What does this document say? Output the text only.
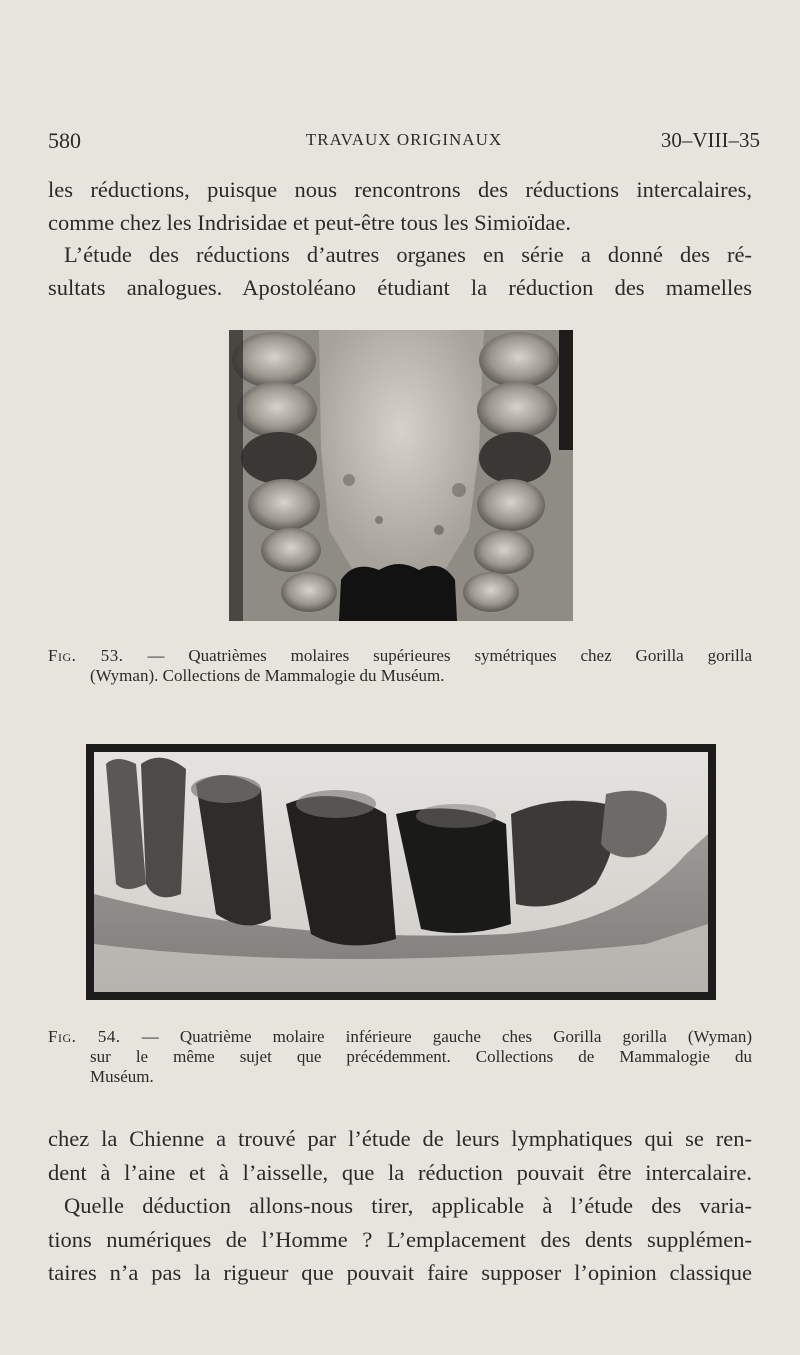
580	TRAVAUX ORIGINAUX	30–VIII–35
les réductions, puisque nous rencontrons des réductions intercalaires,
comme chez les Indrisidae et peut-être tous les Simioïdae.
L’étude des réductions d’autres organes en série a donné des ré-
sultats analogues. Apostoléano étudiant la réduction des mamelles
Fig. 53. — Quatrièmes molaires supérieures symétriques chez Gorilla gorilla
(Wyman). Collections de Mammalogie du Muséum.
Fig. 54. — Quatrième molaire inférieure gauche ches Gorilla gorilla (Wyman)
sur le même sujet que précédemment. Collections de Mammalogie du
Muséum.
chez la Chienne a trouvé par l’étude de leurs lymphatiques qui se ren-
dent à l’aine et à l’aisselle, que la réduction pouvait être intercalaire.
Quelle déduction allons-nous tirer, applicable à l’étude des varia-
tions numériques de l’Homme ? L’emplacement des dents supplémen-
taires n’a pas la rigueur que pouvait faire supposer l’opinion classique
